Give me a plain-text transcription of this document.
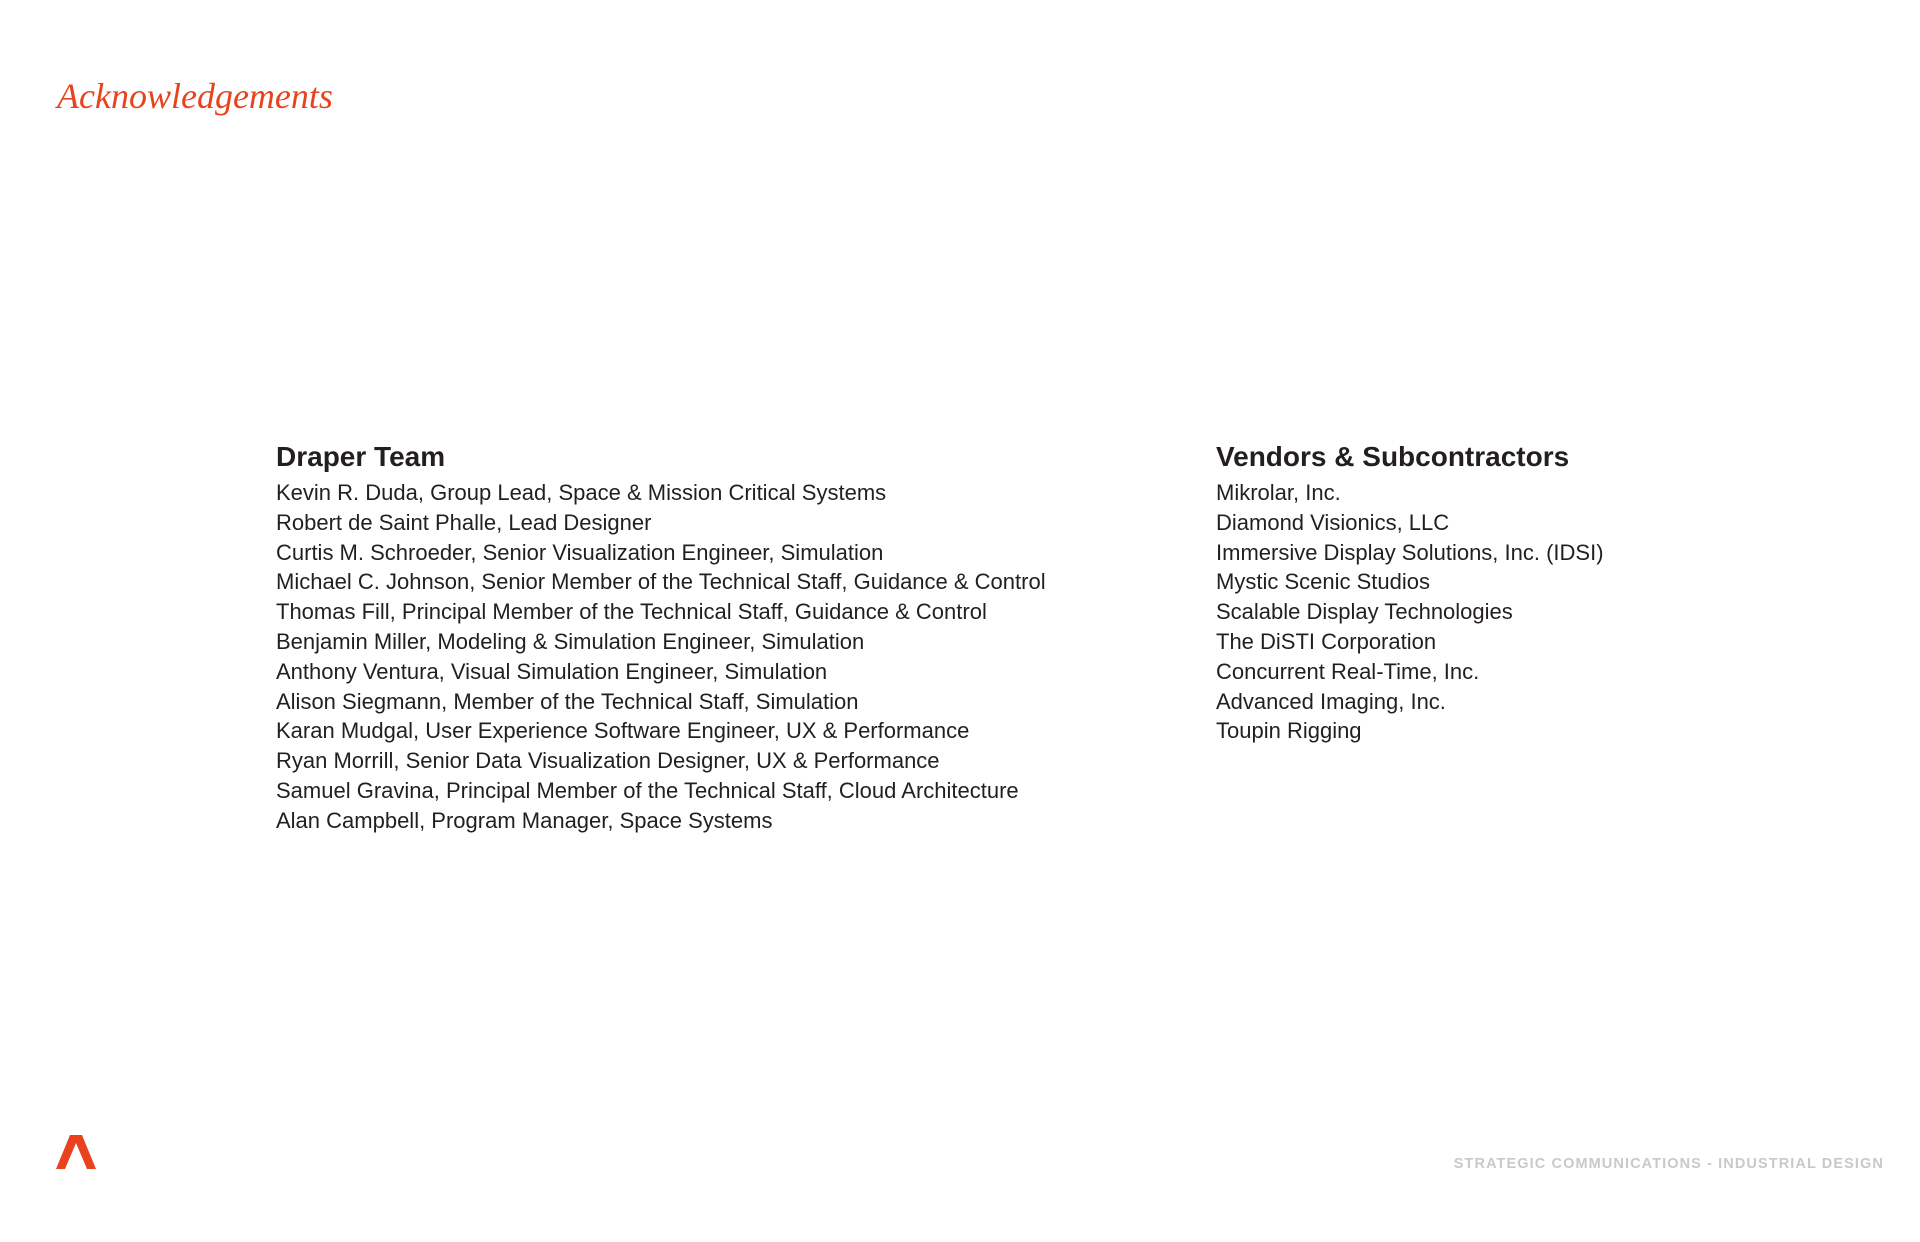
Acknowledgements
Draper Team
Kevin R. Duda, Group Lead, Space & Mission Critical Systems
Robert de Saint Phalle, Lead Designer
Curtis M. Schroeder, Senior Visualization Engineer, Simulation
Michael C. Johnson, Senior Member of the Technical Staff, Guidance & Control
Thomas Fill, Principal Member of the Technical Staff, Guidance & Control
Benjamin Miller, Modeling & Simulation Engineer, Simulation
Anthony Ventura, Visual Simulation Engineer, Simulation
Alison Siegmann, Member of the Technical Staff, Simulation
Karan Mudgal, User Experience Software Engineer, UX & Performance
Ryan Morrill, Senior Data Visualization Designer, UX & Performance
Samuel Gravina, Principal Member of the Technical Staff, Cloud Architecture
Alan Campbell, Program Manager, Space Systems
Vendors & Subcontractors
Mikrolar, Inc.
Diamond Visionics, LLC
Immersive Display Solutions, Inc. (IDSI)
Mystic Scenic Studios
Scalable Display Technologies
The DiSTI Corporation
Concurrent Real-Time, Inc.
Advanced Imaging, Inc.
Toupin Rigging
STRATEGIC COMMUNICATIONS - INDUSTRIAL DESIGN
